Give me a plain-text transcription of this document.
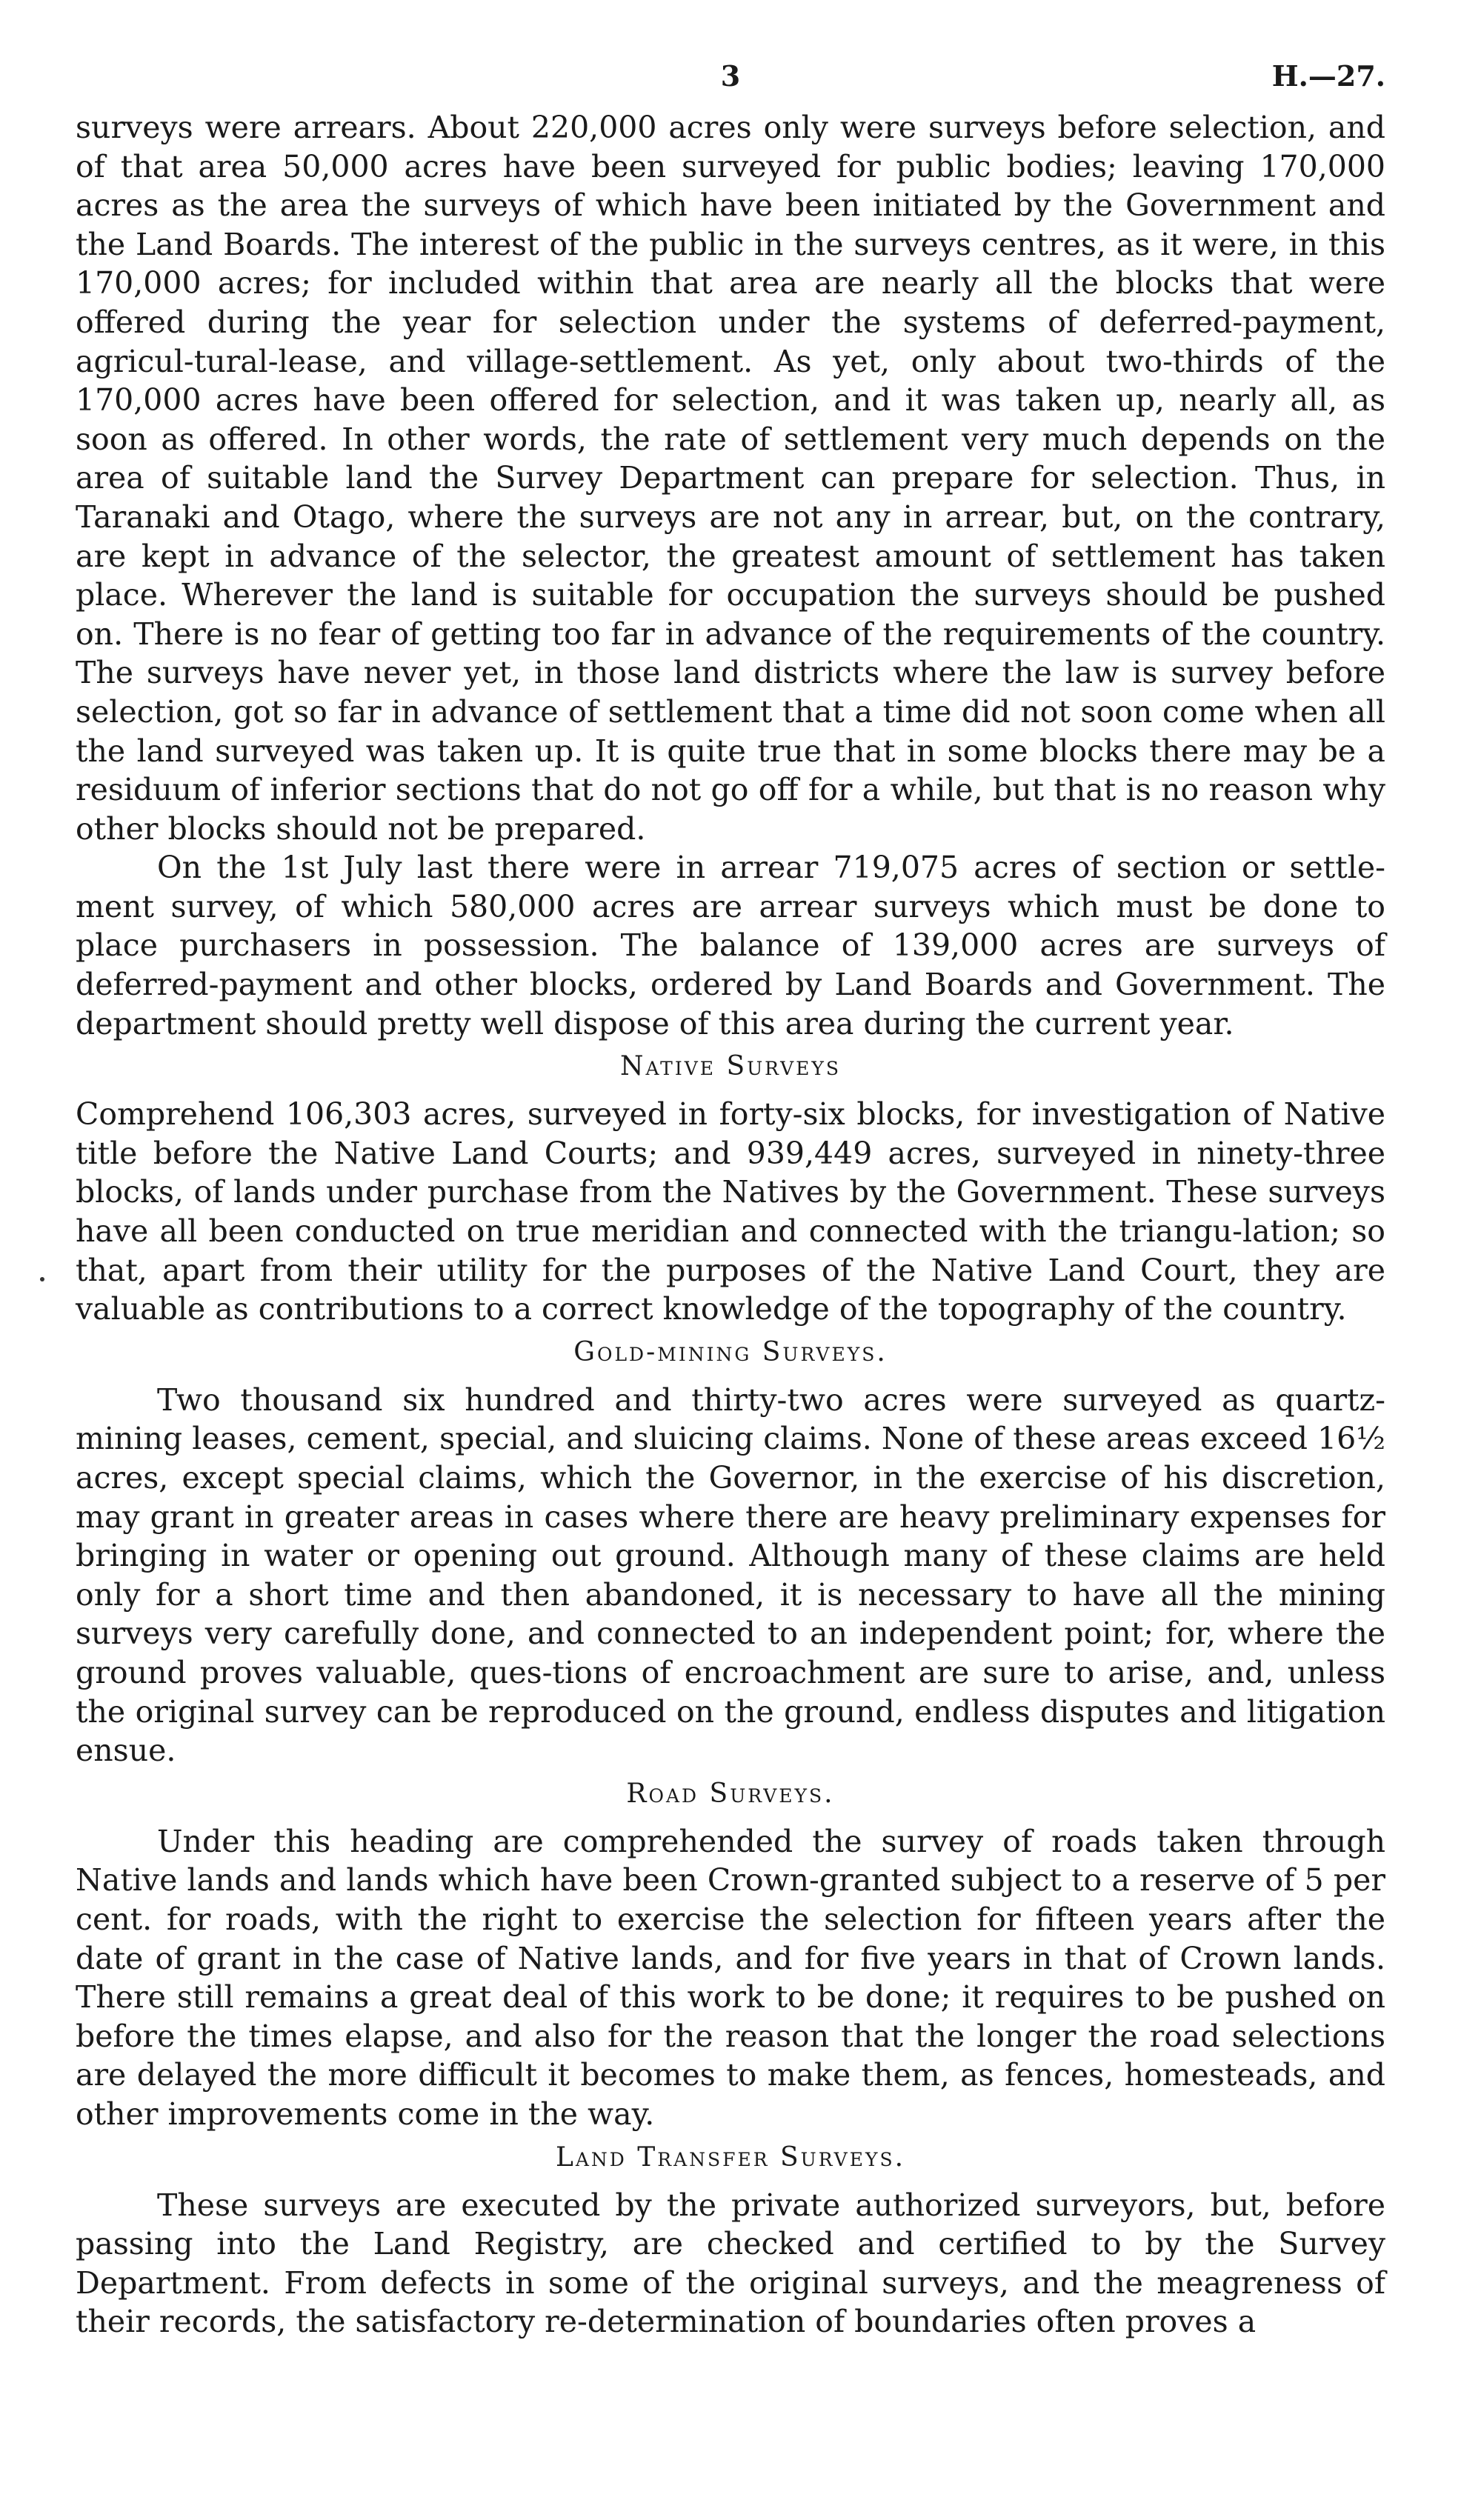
3	H.—27.

surveys were arrears. About 220,000 acres only were surveys before selection, and of that area 50,000 acres have been surveyed for public bodies; leaving 170,000 acres as the area the surveys of which have been initiated by the Government and the Land Boards. The interest of the public in the surveys centres, as it were, in this 170,000 acres; for included within that area are nearly all the blocks that were offered during the year for selection under the systems of deferred-payment, agricul-tural-lease, and village-settlement. As yet, only about two-thirds of the 170,000 acres have been offered for selection, and it was taken up, nearly all, as soon as offered. In other words, the rate of settlement very much depends on the area of suitable land the Survey Department can prepare for selection. Thus, in Taranaki and Otago, where the surveys are not any in arrear, but, on the contrary, are kept in advance of the selector, the greatest amount of settlement has taken place. Wherever the land is suitable for occupation the surveys should be pushed on. There is no fear of getting too far in advance of the requirements of the country. The surveys have never yet, in those land districts where the law is survey before selection, got so far in advance of settlement that a time did not soon come when all the land surveyed was taken up. It is quite true that in some blocks there may be a residuum of inferior sections that do not go off for a while, but that is no reason why other blocks should not be prepared.

On the 1st July last there were in arrear 719,075 acres of section or settle-ment survey, of which 580,000 acres are arrear surveys which must be done to place purchasers in possession. The balance of 139,000 acres are surveys of deferred-payment and other blocks, ordered by Land Boards and Government. The department should pretty well dispose of this area during the current year.

Native Surveys

Comprehend 106,303 acres, surveyed in forty-six blocks, for investigation of Native title before the Native Land Courts; and 939,449 acres, surveyed in ninety-three blocks, of lands under purchase from the Natives by the Government. These surveys have all been conducted on true meridian and connected with the triangu-lation; so that, apart from their utility for the purposes of the Native Land Court, they are valuable as contributions to a correct knowledge of the topography of the country.

Gold-mining Surveys.

Two thousand six hundred and thirty-two acres were surveyed as quartz-mining leases, cement, special, and sluicing claims. None of these areas exceed 16½ acres, except special claims, which the Governor, in the exercise of his discretion, may grant in greater areas in cases where there are heavy preliminary expenses for bringing in water or opening out ground. Although many of these claims are held only for a short time and then abandoned, it is necessary to have all the mining surveys very carefully done, and connected to an independent point; for, where the ground proves valuable, ques-tions of encroachment are sure to arise, and, unless the original survey can be reproduced on the ground, endless disputes and litigation ensue.

Road Surveys.

Under this heading are comprehended the survey of roads taken through Native lands and lands which have been Crown-granted subject to a reserve of 5 per cent. for roads, with the right to exercise the selection for fifteen years after the date of grant in the case of Native lands, and for five years in that of Crown lands. There still remains a great deal of this work to be done; it requires to be pushed on before the times elapse, and also for the reason that the longer the road selections are delayed the more difficult it becomes to make them, as fences, homesteads, and other improvements come in the way.

Land Transfer Surveys.

These surveys are executed by the private authorized surveyors, but, before passing into the Land Registry, are checked and certified to by the Survey Department. From defects in some of the original surveys, and the meagreness of their records, the satisfactory re-determination of boundaries often proves a
